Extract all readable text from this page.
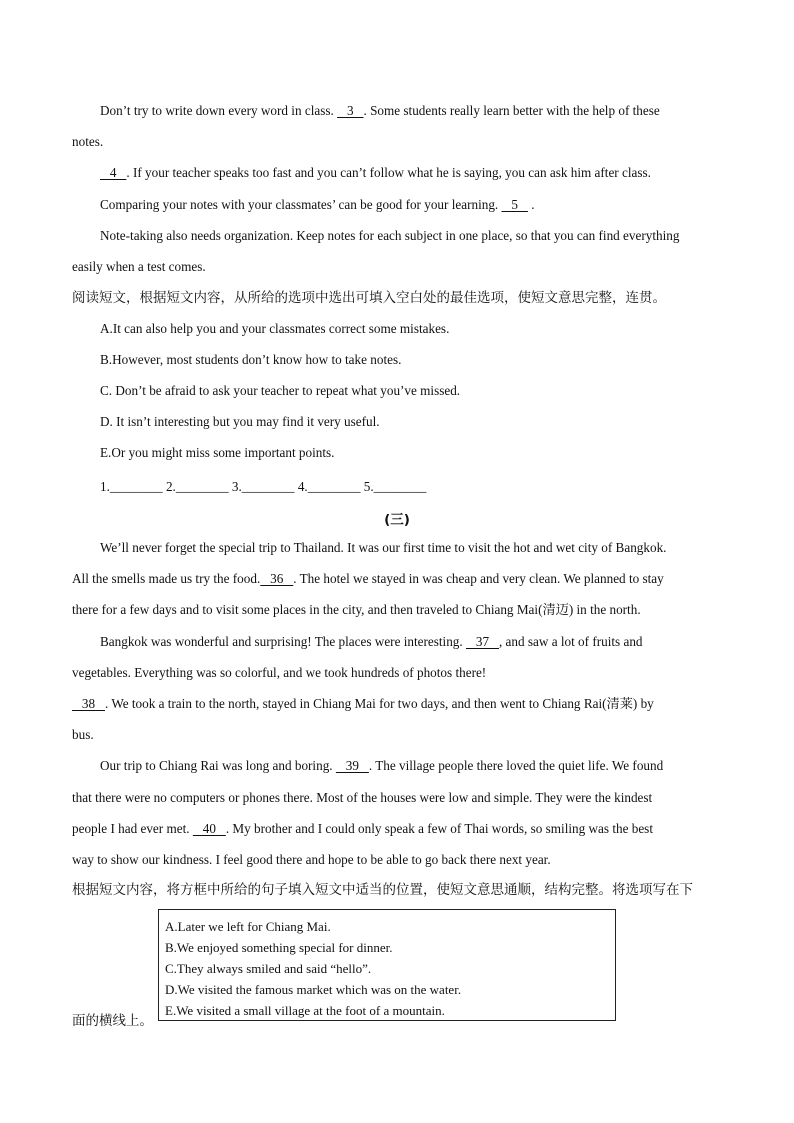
Don’t try to write down every word in class.    3   . Some students really learn better with the help of these
notes.
4   . If your teacher speaks too fast and you can’t follow what he is saying, you can ask him after class.
Comparing your notes with your classmates’ can be good for your learning.    5    .
Note-taking also needs organization. Keep notes for each subject in one place, so that you can find everything
easily when a test comes.
阅读短文，根据短文内容，从所给的选项中选出可填入空白处的最佳选项，使短文意思完整，连贯。
A.It can also help you and your classmates correct some mistakes.
B.However, most students don’t know how to take notes.
C. Don’t be afraid to ask your teacher to repeat what you’ve missed.
D. It isn’t interesting but you may find it very useful.
E.Or you might miss some important points.
1.________ 2.________ 3.________ 4.________ 5.________
(三)
We’ll never forget the special trip to Thailand. It was our first time to visit the hot and wet city of Bangkok.
All the smells made us try the food.   36   . The hotel we stayed in was cheap and very clean. We planned to stay
there for a few days and to visit some places in the city, and then traveled to Chiang Mai(清迈) in the north.
Bangkok was wonderful and surprising! The places were interesting.    37   , and saw a lot of fruits and
vegetables. Everything was so colorful, and we took hundreds of photos there!
38   . We took a train to the north, stayed in Chiang Mai for two days, and then went to Chiang Rai(清莱) by
bus.
Our trip to Chiang Rai was long and boring.    39   . The village people there loved the quiet life. We found
that there were no computers or phones there. Most of the houses were low and simple. They were the kindest
people I had ever met.    40   . My brother and I could only speak a few of Thai words, so smiling was the best
way to show our kindness. I feel good there and hope to be able to go back there next year.
根据短文内容，将方框中所给的句子填入短文中适当的位置，使短文意思通顺，结构完整。将选项写在下
A.Later we left for Chiang Mai.
B.We enjoyed something special for dinner.
C.They always smiled and said “hello”.
D.We visited the famous market which was on the water.
E.We visited a small village at the foot of a mountain.
面的横线上。
